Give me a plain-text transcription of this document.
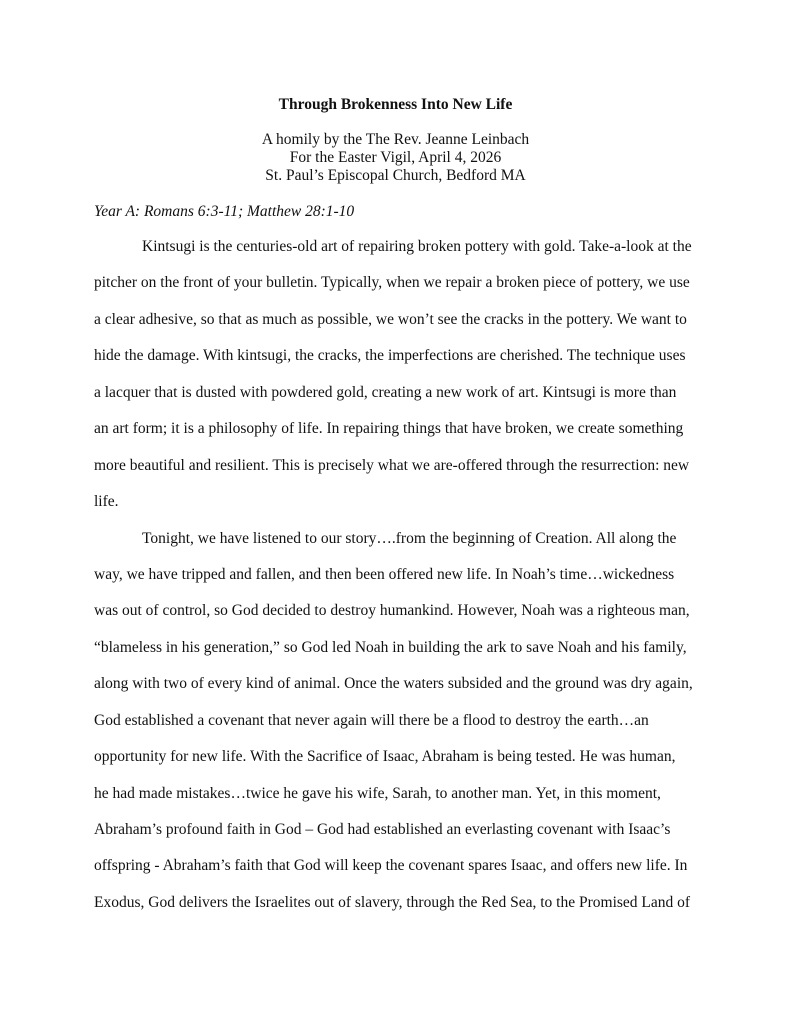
Through Brokenness Into New Life
A homily by the The Rev. Jeanne Leinbach
For the Easter Vigil, April 4, 2026
St. Paul’s Episcopal Church, Bedford MA
Year A: Romans 6:3-11; Matthew 28:1-10
Kintsugi is the centuries-old art of repairing broken pottery with gold. Take-a-look at the
pitcher on the front of your bulletin. Typically, when we repair a broken piece of pottery, we use
a clear adhesive, so that as much as possible, we won’t see the cracks in the pottery. We want to
hide the damage. With kintsugi, the cracks, the imperfections are cherished. The technique uses
a lacquer that is dusted with powdered gold, creating a new work of art. Kintsugi is more than
an art form; it is a philosophy of life. In repairing things that have broken, we create something
more beautiful and resilient. This is precisely what we are-offered through the resurrection: new
life.
Tonight, we have listened to our story….from the beginning of Creation. All along the
way, we have tripped and fallen, and then been offered new life. In Noah’s time…wickedness
was out of control, so God decided to destroy humankind. However, Noah was a righteous man,
“blameless in his generation,” so God led Noah in building the ark to save Noah and his family,
along with two of every kind of animal. Once the waters subsided and the ground was dry again,
God established a covenant that never again will there be a flood to destroy the earth…an
opportunity for new life. With the Sacrifice of Isaac, Abraham is being tested. He was human,
he had made mistakes…twice he gave his wife, Sarah, to another man. Yet, in this moment,
Abraham’s profound faith in God – God had established an everlasting covenant with Isaac’s
offspring - Abraham’s faith that God will keep the covenant spares Isaac, and offers new life. In
Exodus, God delivers the Israelites out of slavery, through the Red Sea, to the Promised Land of
